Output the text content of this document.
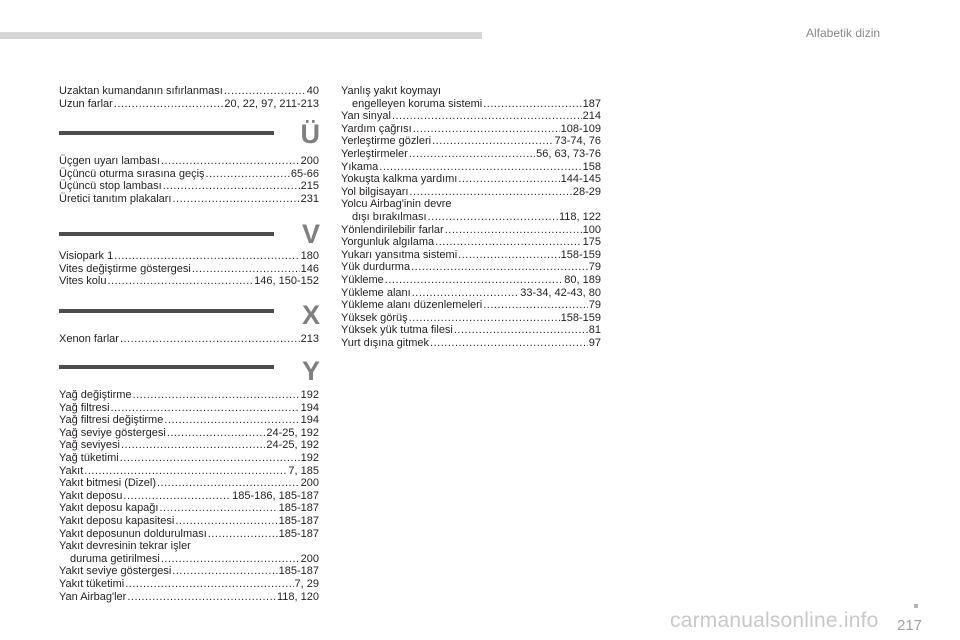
Alfabetik dizin
Uzaktan kumandanın sıfırlanması .....	40
Uzun farlar .....	20, 22, 97, 211-213
Ü
Üçgen uyarı lambası .....	200
Üçüncü oturma sırasına geçiş .....	65-66
Üçüncü stop lambası .....	215
Üretici tanıtım plakaları .....	231
V
Visiopark 1 .....	180
Vites değiştirme göstergesi .....	146
Vites kolu .....	146, 150-152
X
Xenon farlar .....	213
Y
Yağ değiştirme .....	192
Yağ filtresi .....	194
Yağ filtresi değiştirme .....	194
Yağ seviye göstergesi .....	24-25, 192
Yağ seviyesi .....	24-25, 192
Yağ tüketimi .....	192
Yakıt .....	7, 185
Yakıt bitmesi (Dizel) .....	200
Yakıt deposu .....	185-186, 185-187
Yakıt deposu kapağı .....	185-187
Yakıt deposu kapasitesi .....	185-187
Yakıt deposunun doldurulması .....	185-187
Yakıt devresinin tekrar işler
duruma getirilmesi .....	200
Yakıt seviye göstergesi .....	185-187
Yakıt tüketimi .....	7, 29
Yan Airbag'ler .....	118, 120
Yanlış yakıt koymayı
engelleyen koruma sistemi .....	187
Yan sinyal .....	214
Yardım çağrısı .....	108-109
Yerleştirme gözleri .....	73-74, 76
Yerleştirmeler .....	56, 63, 73-76
Yıkama .....	158
Yokuşta kalkma yardımı .....	144-145
Yol bilgisayarı .....	28-29
Yolcu Airbag'inin devre
dışı bırakılması .....	118, 122
Yönlendirilebilir farlar .....	100
Yorgunluk algılama .....	175
Yukarı yansıtma sistemi .....	158-159
Yük durdurma .....	79
Yükleme .....	80, 189
Yükleme alanı .....	33-34, 42-43, 80
Yükleme alanı düzenlemeleri .....	79
Yüksek görüş .....	158-159
Yüksek yük tutma filesi .....	81
Yurt dışına gitmek .....	97
carmanualsonline.info 217
